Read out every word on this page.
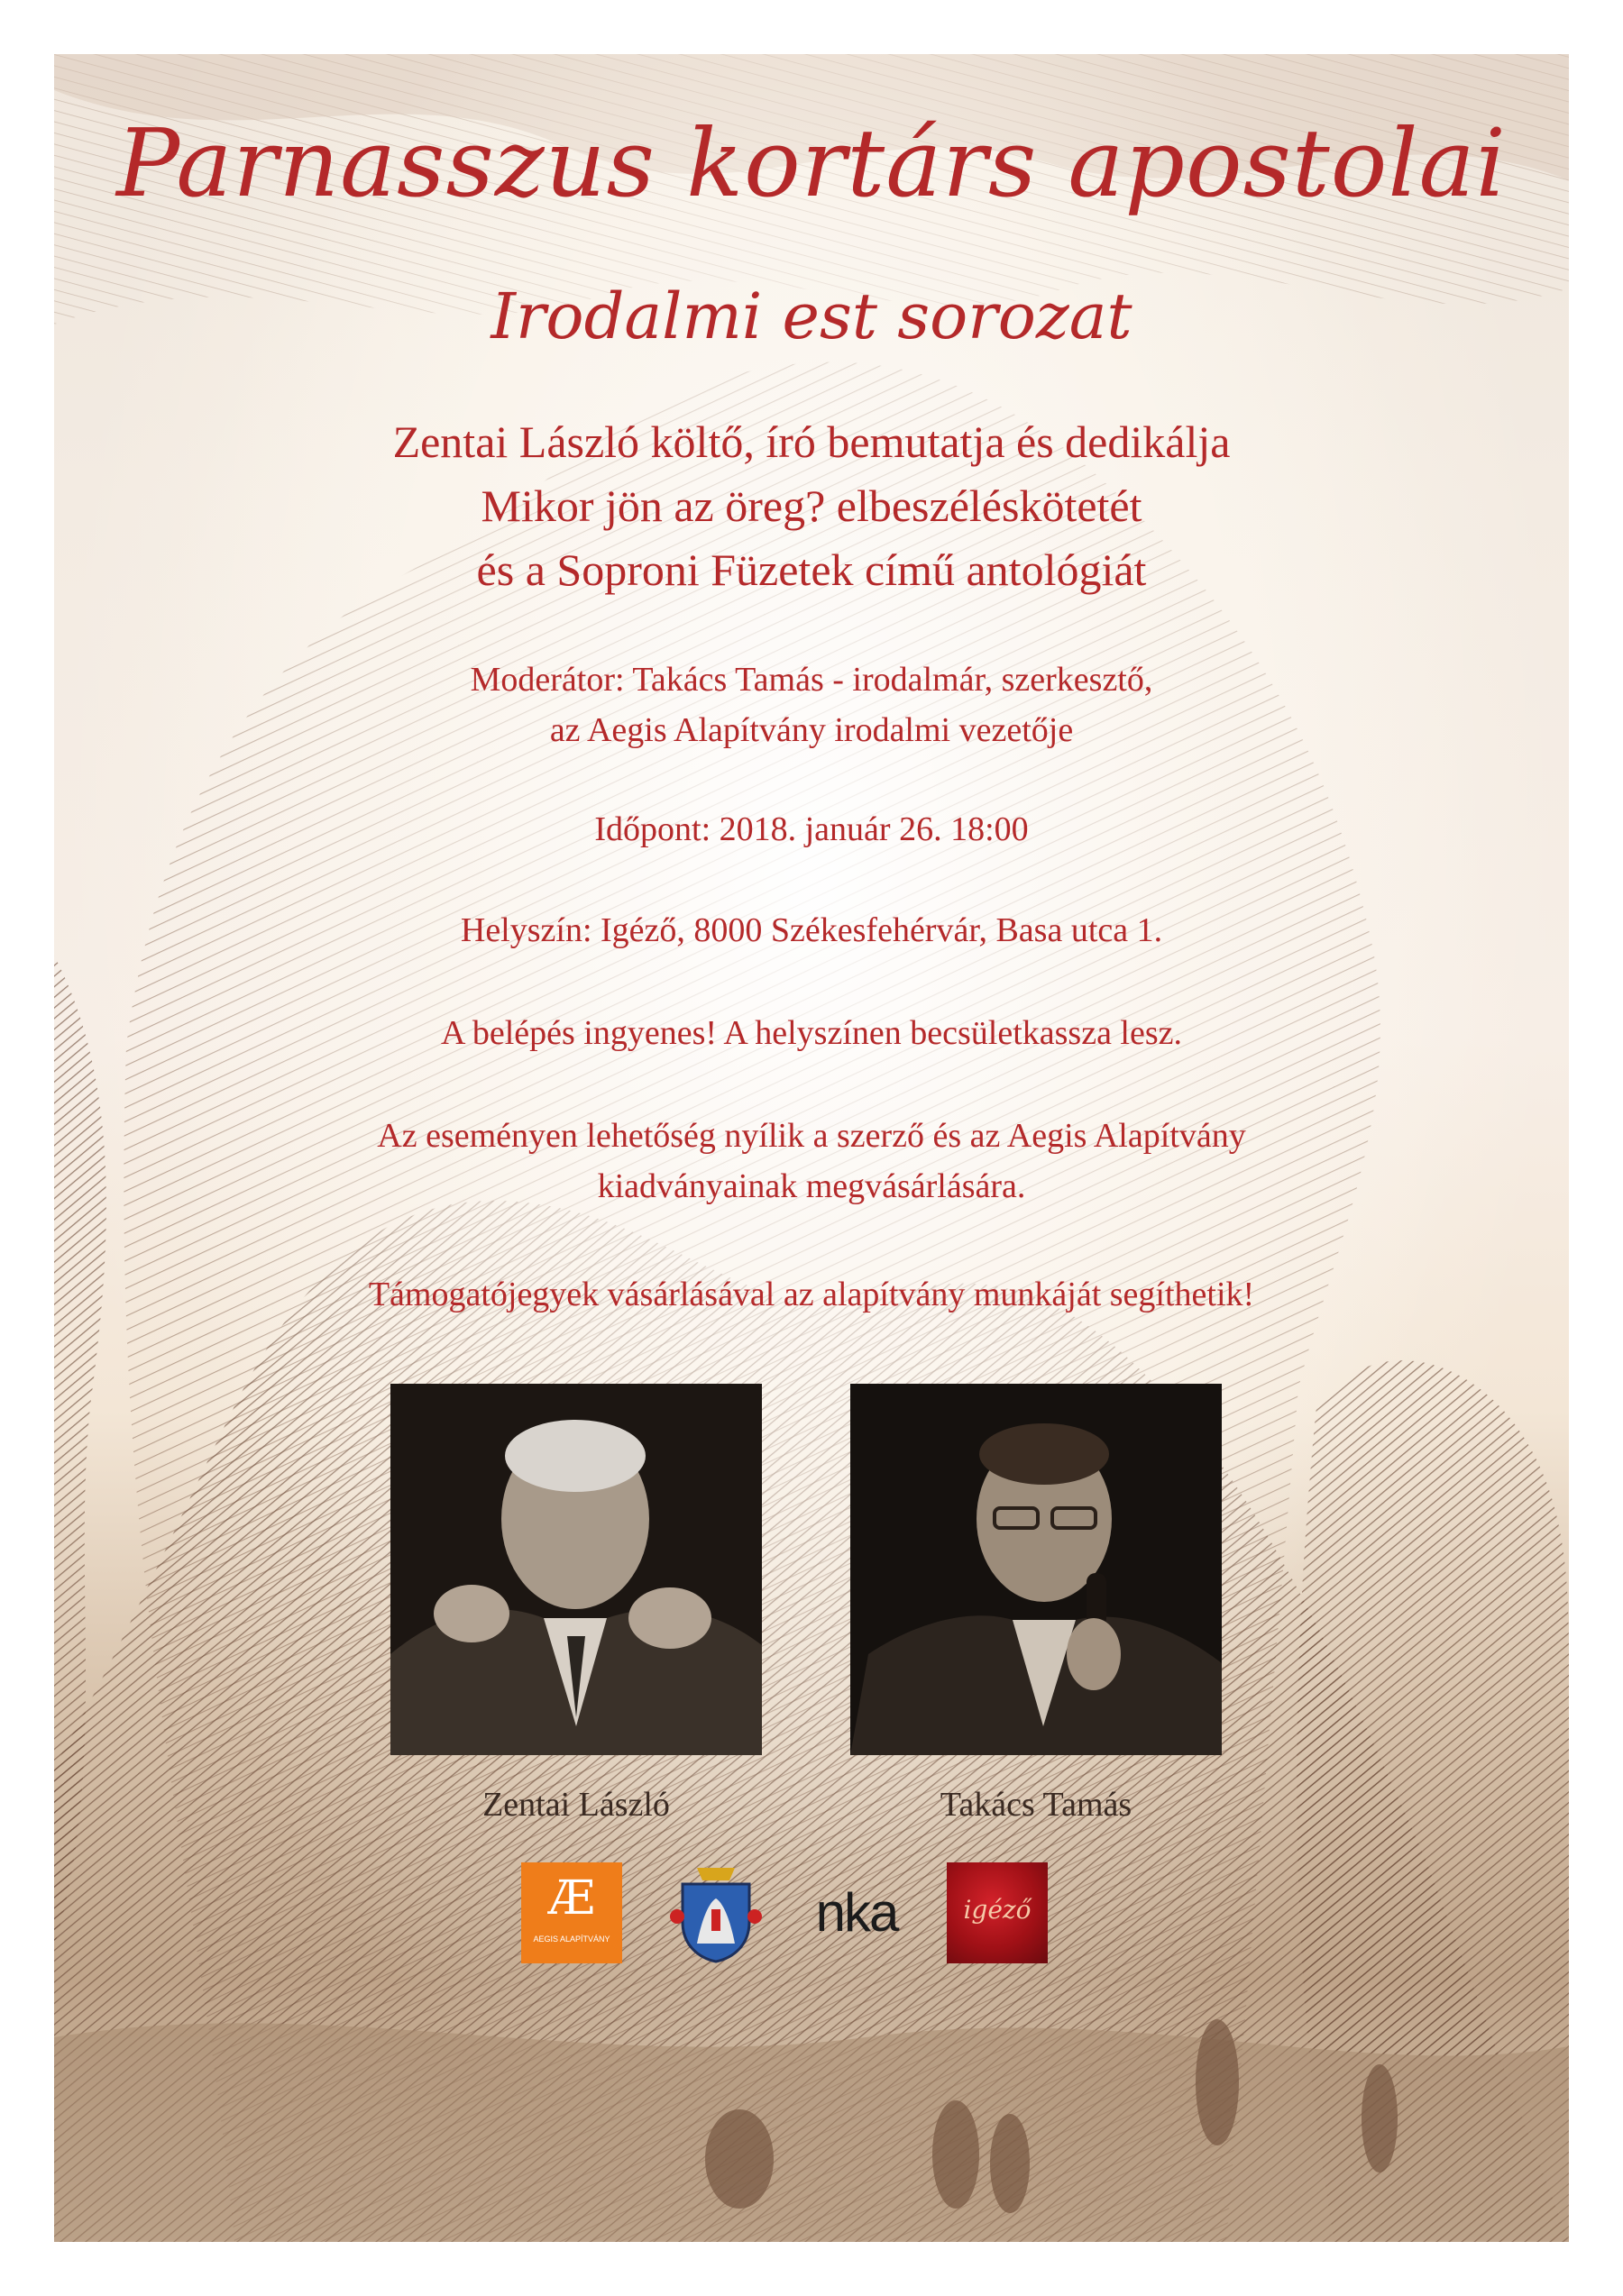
Parnasszus kortárs apostolai
Irodalmi est sorozat
Zentai László költő, író bemutatja és dedikálja
Mikor jön az öreg? elbeszéléskötetét
és a Soproni Füzetek című antológiát
Moderátor: Takács Tamás - irodalmár, szerkesztő,
az Aegis Alapítvány irodalmi vezetője
Időpont: 2018. január 26. 18:00
Helyszín: Igéző, 8000 Székesfehérvár, Basa utca 1.
A belépés ingyenes! A helyszínen becsületkassza lesz.
Az eseményen lehetőség nyílik a szerző és az Aegis Alapítvány
kiadványainak megvásárlására.
Támogatójegyek vásárlásával az alapítvány munkáját segíthetik!
Zentai László	Takács Tamás
Æ
AEGIS ALAPÍTVÁNY	nka	igéző
